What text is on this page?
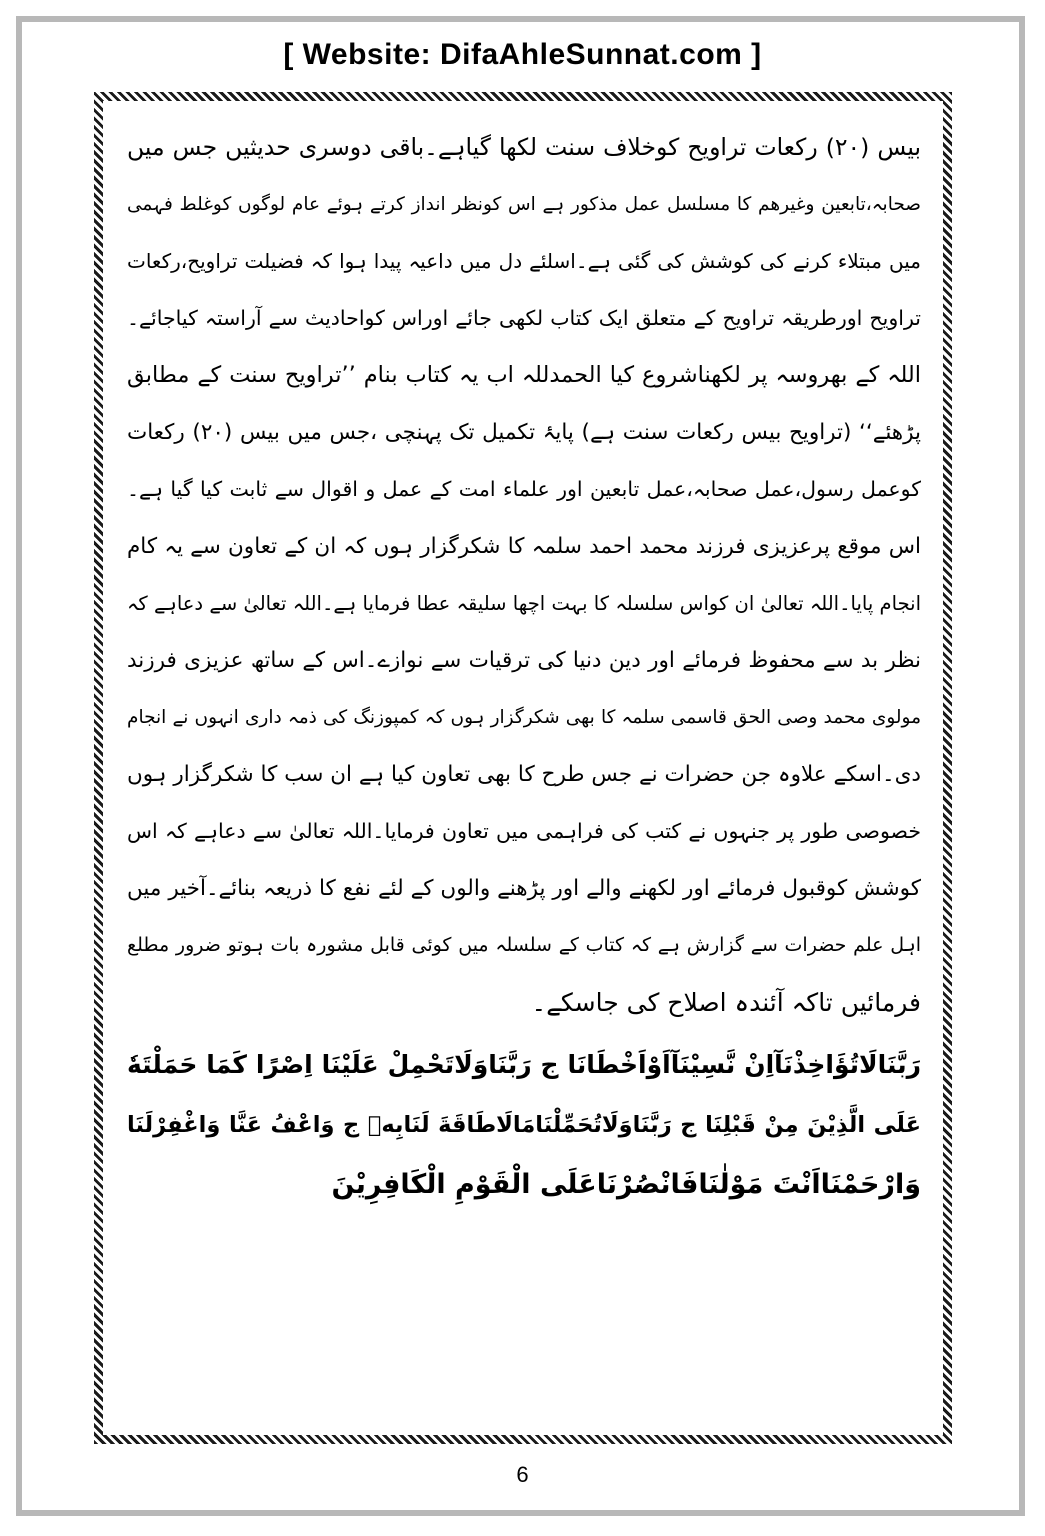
[ Website: DifaAhleSunnat.com ]
بیس (۲۰) رکعات تراویح کوخلاف سنت لکھا گیاہے۔باقی دوسری حدیثیں جس میں
صحابہ،تابعین وغیرھم کا مسلسل عمل مذکور ہے اس کونظر انداز کرتے ہوئے عام لوگوں کوغلط فہمی
میں مبتلاء کرنے کی کوشش کی گئی ہے۔اسلئے دل میں داعیہ پیدا ہوا کہ فضیلت تراویح،رکعات
تراویح اورطریقہ تراویح کے متعلق ایک کتاب لکھی جائے اوراس کواحادیث سے آراستہ کیاجائے۔
اللہ کے بھروسہ پر لکھناشروع کیا الحمدللہ اب یہ کتاب بنام ’’تراویح سنت کے مطابق
پڑھئے‘‘ (تراویح بیس رکعات سنت ہے) پایۂ تکمیل تک پہنچی ،جس میں بیس (۲۰) رکعات
کوعمل رسول،عمل صحابہ،عمل تابعین اور علماء امت کے عمل و اقوال سے ثابت کیا گیا ہے۔
اس موقع پرعزیزی فرزند محمد احمد سلمہ کا شکرگزار ہوں کہ ان کے تعاون سے یہ کام
انجام پایا۔اللہ تعالیٰ ان کواس سلسلہ کا بہت اچھا سلیقہ عطا فرمایا ہے۔اللہ تعالیٰ سے دعاہے کہ
نظر بد سے محفوظ فرمائے اور دین دنیا کی ترقیات سے نوازے۔اس کے ساتھ عزیزی فرزند
مولوی محمد وصی الحق قاسمی سلمہ کا بھی شکرگزار ہوں کہ کمپوزنگ کی ذمہ داری انہوں نے انجام
دی۔اسکے علاوہ جن حضرات نے جس طرح کا بھی تعاون کیا ہے ان سب کا شکرگزار ہوں
خصوصی طور پر جنہوں نے کتب کی فراہمی میں تعاون فرمایا۔اللہ تعالیٰ سے دعاہے کہ اس
کوشش کوقبول فرمائے اور لکھنے والے اور پڑھنے والوں کے لئے نفع کا ذریعہ بنائے۔آخیر میں
اہل علم حضرات سے گزارش ہے کہ کتاب کے سلسلہ میں کوئی قابل مشورہ بات ہوتو ضرور مطلع
فرمائیں تاکہ آئندہ اصلاح کی جاسکے۔
رَبَّنَالَاتُؤَاخِذْنَآاِنْ نَّسِيْنَآاَوْاَخْطَانَا ج رَبَّنَاوَلَاتَحْمِلْ عَلَيْنَا اِصْرًا كَمَا حَمَلْتَهٗ
عَلَى الَّذِيْنَ مِنْ قَبْلِنَا ج رَبَّنَاوَلَاتُحَمِّلْنَامَالَاطَاقَةَ لَنَابِهٖ ج وَاعْفُ عَنَّا وَاغْفِرْلَنَا
وَارْحَمْنَااَنْتَ مَوْلٰنَافَانْصُرْنَاعَلَى الْقَوْمِ الْكَافِرِيْنَ
6
